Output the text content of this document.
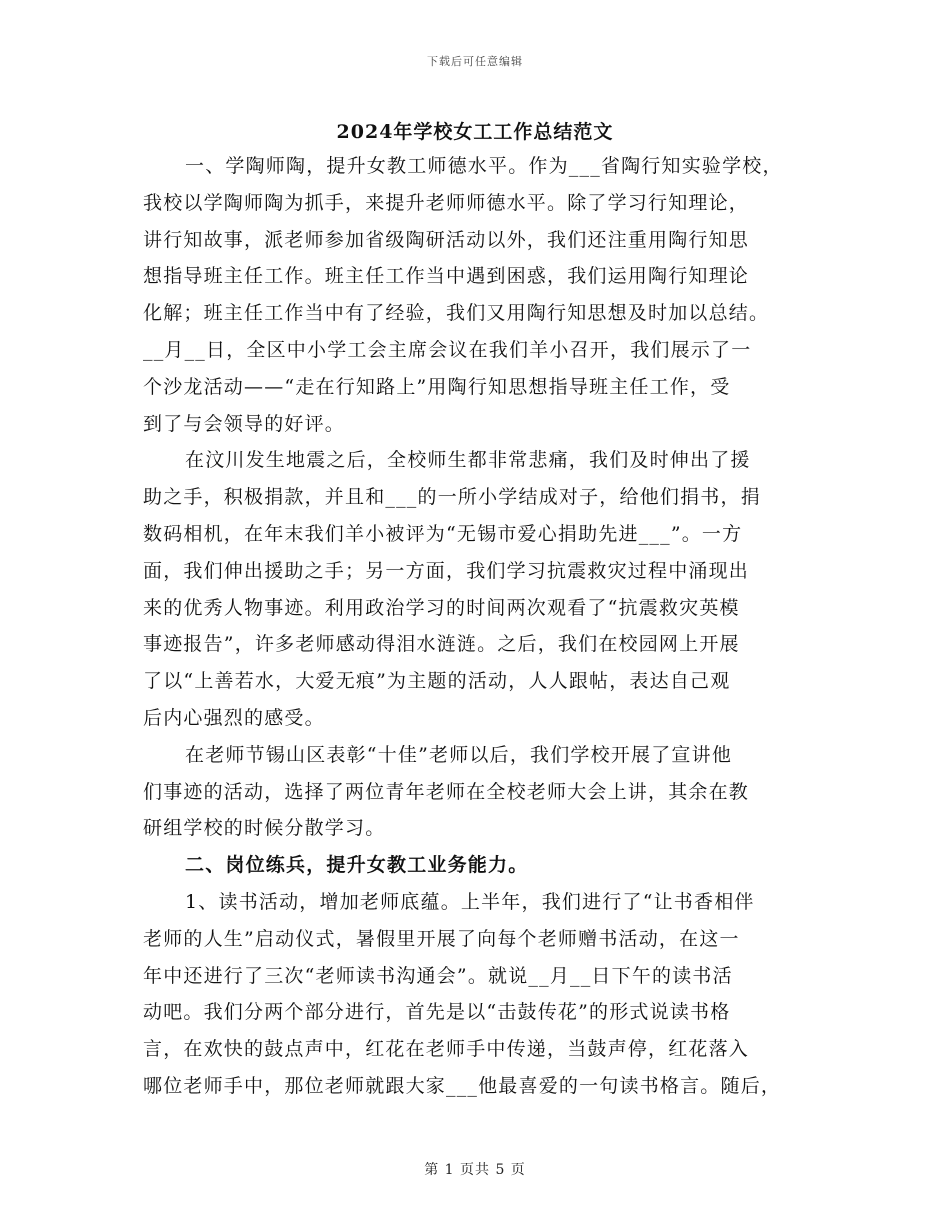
下载后可任意编辑
2024年学校女工工作总结范文
一、学陶师陶，提升女教工师德水平。作为___省陶行知实验学校，
我校以学陶师陶为抓手，来提升老师师德水平。除了学习行知理论，
讲行知故事，派老师参加省级陶研活动以外，我们还注重用陶行知思
想指导班主任工作。班主任工作当中遇到困惑，我们运用陶行知理论
化解；班主任工作当中有了经验，我们又用陶行知思想及时加以总结。
__月__日，全区中小学工会主席会议在我们羊小召开，我们展示了一
个沙龙活动——“走在行知路上”用陶行知思想指导班主任工作，受
到了与会领导的好评。
在汶川发生地震之后，全校师生都非常悲痛，我们及时伸出了援
助之手，积极捐款，并且和___的一所小学结成对子，给他们捐书，捐
数码相机，在年末我们羊小被评为“无锡市爱心捐助先进___”。一方
面，我们伸出援助之手；另一方面，我们学习抗震救灾过程中涌现出
来的优秀人物事迹。利用政治学习的时间两次观看了“抗震救灾英模
事迹报告”，许多老师感动得泪水涟涟。之后，我们在校园网上开展
了以“上善若水，大爱无痕”为主题的活动，人人跟帖，表达自己观
后内心强烈的感受。
在老师节锡山区表彰“十佳”老师以后，我们学校开展了宣讲他
们事迹的活动，选择了两位青年老师在全校老师大会上讲，其余在教
研组学校的时候分散学习。
二、岗位练兵，提升女教工业务能力。
1、读书活动，增加老师底蕴。上半年，我们进行了“让书香相伴
老师的人生”启动仪式，暑假里开展了向每个老师赠书活动，在这一
年中还进行了三次“老师读书沟通会”。就说__月__日下午的读书活
动吧。我们分两个部分进行，首先是以“击鼓传花”的形式说读书格
言，在欢快的鼓点声中，红花在老师手中传递，当鼓声停，红花落入
哪位老师手中，那位老师就跟大家___他最喜爱的一句读书格言。随后，
第 1 页共 5 页
